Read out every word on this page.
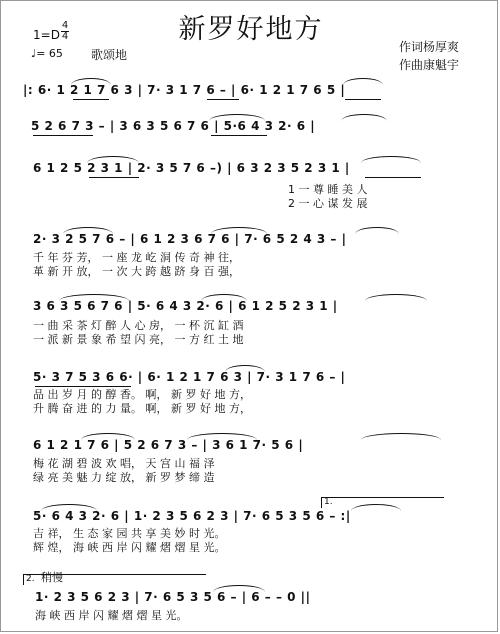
新罗好地方
1=D
4
4
♩= 65 歌颂地
作词杨厚爽
作曲康魁宇
|: 6· 1 2 1 7 6 3 | 7· 3 1 7 6 – | 6· 1 2 1 7 6 5 |
5 2 6 7 3 – | 3 6 3 5 6 7 6 | 5·6 4 3 2· 6 |
6 1 2 5 2 3 1 | 2· 3 5 7 6 –) | 6 3 2 3 5 2 3 1 |
1 一 尊 睡 美 人
2 一 心 谋 发 展
2· 3 2 5 7 6 – | 6 1 2 3 6 7 6 | 7· 6 5 2 4 3 – |
千 年 芬 芳， 一 座 龙 屹 洞 传 奇 神 往，
革 新 开 放， 一 次 大 跨 越 跻 身 百 强，
3 6 3 5 6 7 6 | 5· 6 4 3 2· 6 | 6 1 2 5 2 3 1 |
一 曲 采 茶 灯 醉 人 心 房， 一 杯 沉 缸 酒
一 派 新 景 象 希 望 闪 亮， 一 方 红 土 地
5· 3 7 5 3 6 6· | 6· 1 2 1 7 6 3 | 7· 3 1 7 6 – |
品 出 岁 月 的 醇 香。 啊， 新 罗 好 地 方，
升 腾 奋 进 的 力 量。 啊， 新 罗 好 地 方，
6 1 2 1 7 6 | 5 2 6 7 3 – | 3 6 1 7· 5 6 |
梅 花 湖 碧 波 欢 唱， 天 宫 山 福 泽
绿 亮 美 魅 力 绽 放， 新 罗 梦 缔 造
1.
5· 6 4 3 2· 6 | 1· 2 3 5 6 2 3 | 7· 6 5 3 5 6 – :|
吉 祥， 生 态 家 园 共 享 美 妙 时 光。
辉 煌， 海 峡 西 岸 闪 耀 熠 熠 星 光。
2. 稍慢
1· 2 3 5 6 2 3 | 7· 6 5 3 5 6 – | 6 – – 0 ||
海 峡 西 岸 闪 耀 熠 熠 星 光。
